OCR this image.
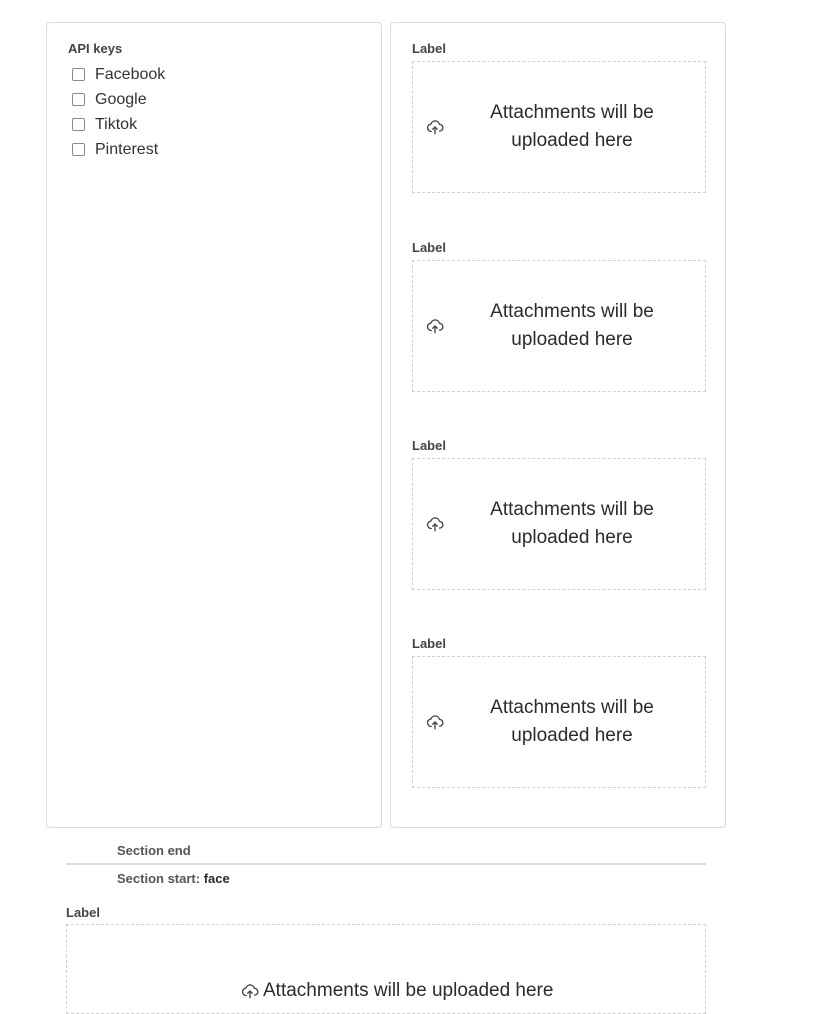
API keys
Facebook
Google
Tiktok
Pinterest
Label
Attachments will be uploaded here
Label
Attachments will be uploaded here
Label
Attachments will be uploaded here
Label
Attachments will be uploaded here
Section end
Section start: face
Label
Attachments will be uploaded here
